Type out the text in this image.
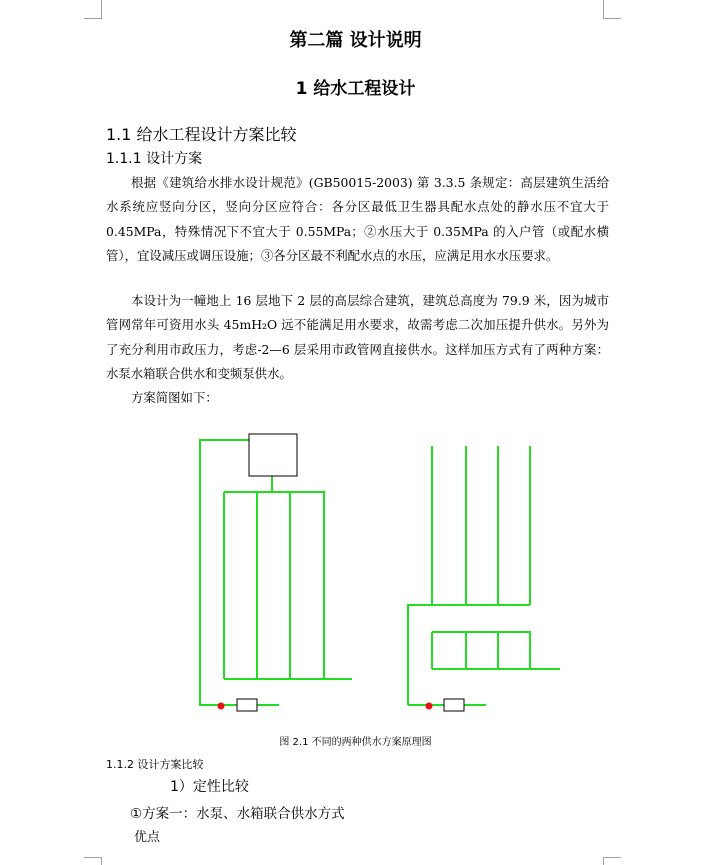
第二篇 设计说明
1 给水工程设计
1.1 给水工程设计方案比较
1.1.1 设计方案

根据《建筑给水排水设计规范》(GB50015-2003) 第 3.3.5 条规定：高层建筑生活给水系统应竖向分区，竖向分区应符合：各分区最低卫生器具配水点处的静水压不宜大于 0.45MPa，特殊情况下不宜大于 0.55MPa；②水压大于 0.35MPa 的入户管（或配水横管），宜设减压或调压设施；③各分区最不利配水点的水压，应满足用水水压要求。

本设计为一幢地上 16 层地下 2 层的高层综合建筑，建筑总高度为 79.9 米，因为城市管网常年可资用水头 45mH₂O 远不能满足用水要求，故需考虑二次加压提升供水。另外为了充分利用市政压力，考虑-2—6 层采用市政管网直接供水。这样加压方式有了两种方案：水泵水箱联合供水和变频泵供水。

方案简图如下：

图 2.1 不同的两种供水方案原理图
1.1.2 设计方案比较
1）定性比较
①方案一：水泵、水箱联合供水方式
优点
